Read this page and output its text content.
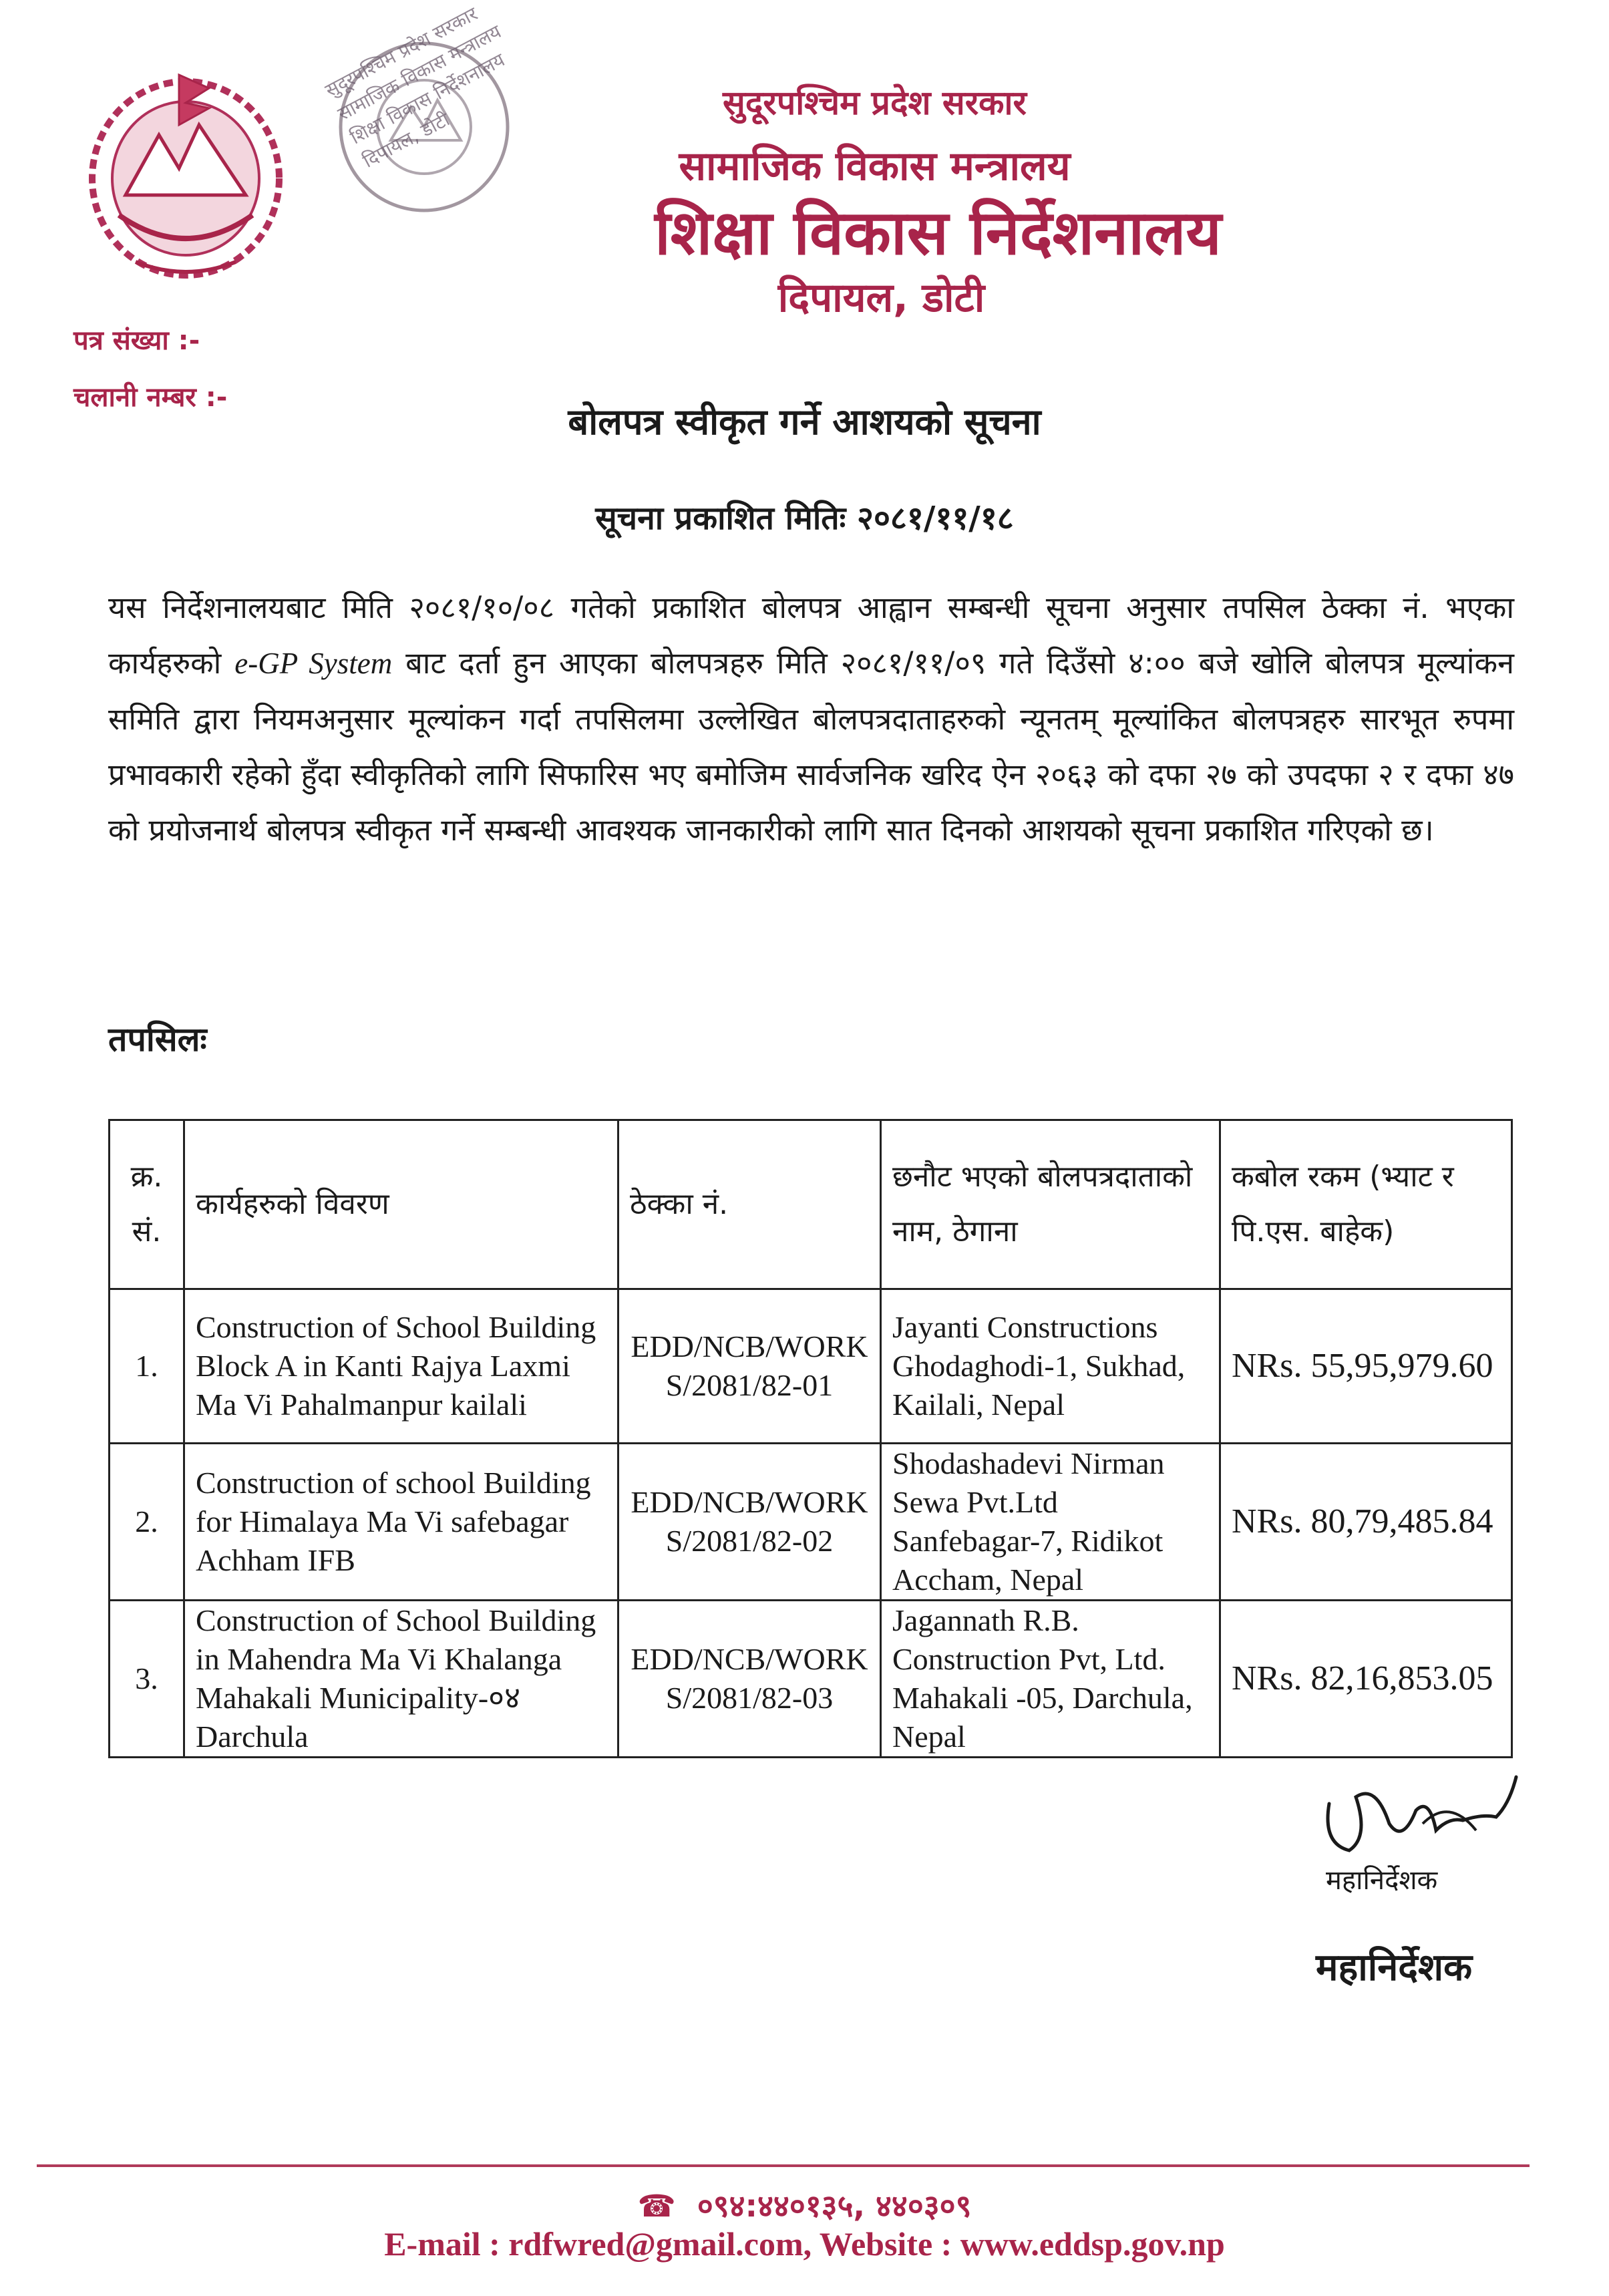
सुदूरपश्चिम प्रदेश सरकार सामाजिक विकास मन्त्रालय शिक्षा विकास निर्देशनालय दिपायल, डोटी
सुदूरपश्चिम प्रदेश सरकार
सामाजिक विकास मन्त्रालय
शिक्षा विकास निर्देशनालय
दिपायल, डोटी
पत्र संख्या :-
चलानी नम्बर :-
बोलपत्र स्वीकृत गर्ने आशयको सूचना
सूचना प्रकाशित मितिः २०८१/११/१८
यस निर्देशनालयबाट मिति २०८१/१०/०८ गतेको प्रकाशित बोलपत्र आह्वान सम्बन्धी सूचना अनुसार तपसिल ठेक्का नं. भएका कार्यहरुको e-GP System बाट दर्ता हुन आएका बोलपत्रहरु मिति २०८१/११/०९ गते दिउँसो ४:०० बजे खोलि बोलपत्र मूल्यांकन समिति द्वारा नियमअनुसार मूल्यांकन गर्दा तपसिलमा उल्लेखित बोलपत्रदाताहरुको न्यूनतम् मूल्यांकित बोलपत्रहरु सारभूत रुपमा प्रभावकारी रहेको हुँदा स्वीकृतिको लागि सिफारिस भए बमोजिम सार्वजनिक खरिद ऐन २०६३ को दफा २७ को उपदफा २ र दफा ४७ को प्रयोजनार्थ बोलपत्र स्वीकृत गर्ने सम्बन्धी आवश्यक जानकारीको लागि सात दिनको आशयको सूचना प्रकाशित गरिएको छ।
तपसिलः
क्र. सं.	कार्यहरुको विवरण	ठेक्का नं.	छनौट भएको बोलपत्रदाताको नाम, ठेगाना	कबोल रकम (भ्याट र पि.एस. बाहेक)
1.	Construction of School Building Block A in Kanti Rajya Laxmi Ma Vi Pahalmanpur kailali	EDD/NCB/WORKS/2081/82-01	Jayanti Constructions Ghodaghodi-1, Sukhad, Kailali, Nepal	NRs. 55,95,979.60
2.	Construction of school Building for Himalaya Ma Vi safebagar Achham IFB	EDD/NCB/WORKS/2081/82-02	Shodashadevi Nirman Sewa Pvt.Ltd Sanfebagar-7, Ridikot Accham, Nepal	NRs. 80,79,485.84
3.	Construction of School Building in Mahendra Ma Vi Khalanga Mahakali Municipality-०४ Darchula	EDD/NCB/WORKS/2081/82-03	Jagannath R.B. Construction Pvt, Ltd. Mahakali -05, Darchula, Nepal	NRs. 82,16,853.05
महानिर्देशक
महानिर्देशक
☎ ०९४:४४०१३५, ४४०३०९
E-mail : rdfwred@gmail.com, Website : www.eddsp.gov.np
